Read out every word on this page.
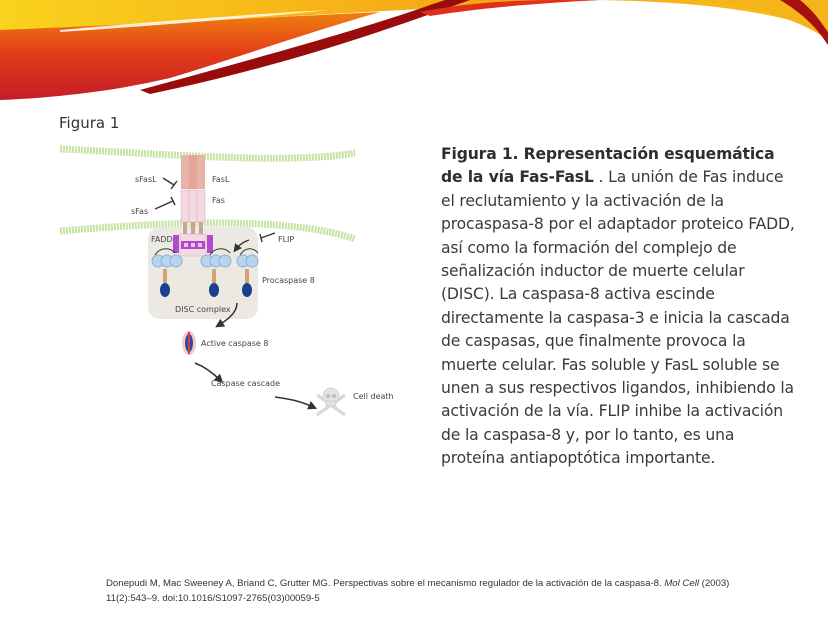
Figura 1
sFasL	FasL
sFas
Fas
FADD	FLIP
Procaspase 8
DISC complex
Active caspase 8
Caspase cascade
Cell death
Figura 1. Representación esquemática de la vía Fas-FasL . La unión de Fas induce el reclutamiento y la activación de la procaspasa-8 por el adaptador proteico FADD, así como la formación del complejo de señalización inductor de muerte celular (DISC). La caspasa-8 activa escinde directamente la caspasa-3 e inicia la cascada de caspasas, que finalmente provoca la muerte celular. Fas soluble y FasL soluble se unen a sus respectivos ligandos, inhibiendo la activación de la vía. FLIP inhibe la activación de la caspasa-8 y, por lo tanto, es una proteína antiapoptótica importante.
Donepudi M, Mac Sweeney A, Briand C, Grutter MG. Perspectivas sobre el mecanismo regulador de la activación de la caspasa-8. Mol Cell (2003) 11(2):543–9. doi:10.1016/S1097-2765(03)00059-5
